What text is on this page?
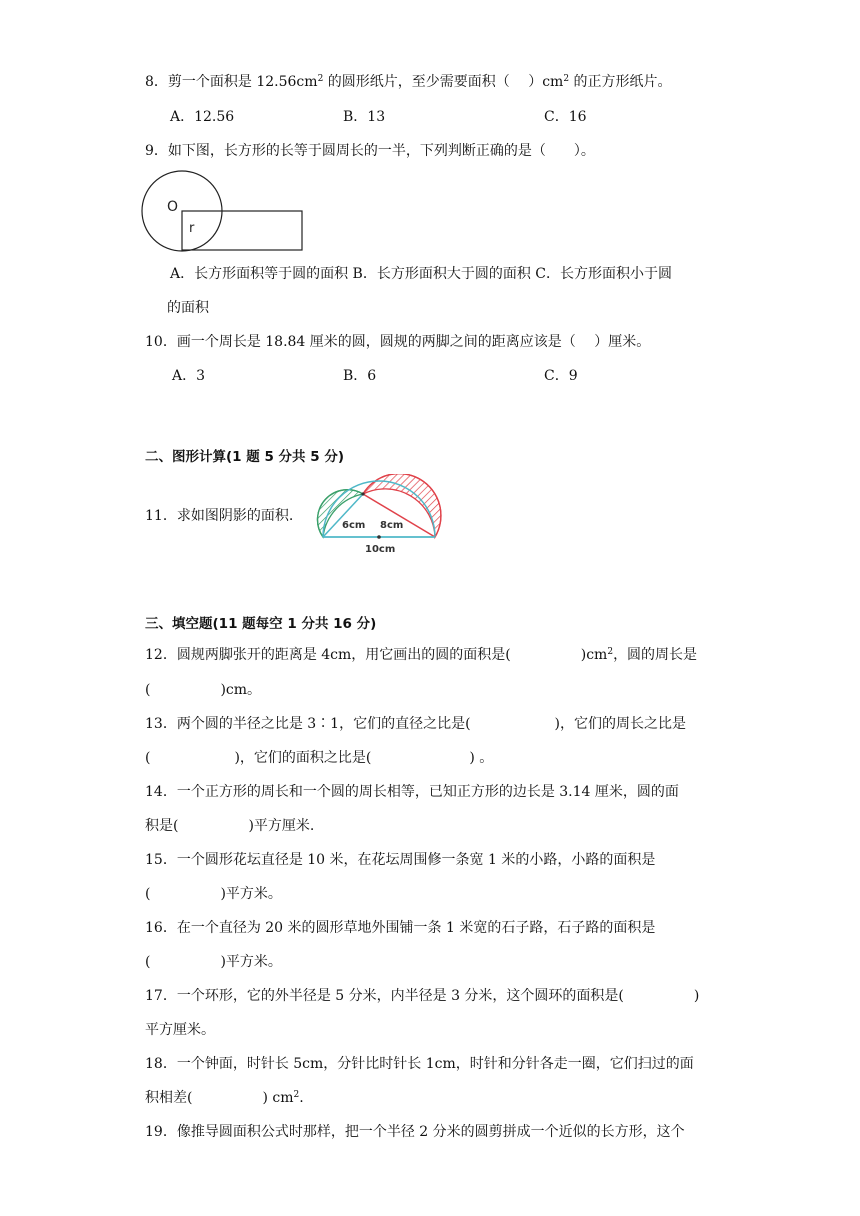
8．剪一个面积是 $12.56cm^2$ 的圆形纸片，至少需要面积（　 ）$cm^2$ 的正方形纸片。
A．12.56	B．13	C．16
9．如下图，长方形的长等于圆周长的一半，下列判断正确的是（　　）。
O
r
A．长方形面积等于圆的面积 B．长方形面积大于圆的面积 C．长方形面积小于圆
的面积
10．画一个周长是 18.84 厘米的圆，圆规的两脚之间的距离应该是（　 ）厘米。
A．3	B．6	C．9
二、图形计算(1 题 5 分共 5 分)
11．求如图阴影的面积.
6cm 8cm
10cm
三、填空题(11 题每空 1 分共 16 分)
12．圆规两脚张开的距离是 4cm，用它画出的圆的面积是(　　　　　)$cm^2$，圆的周长是
(　　　　　)cm。
13．两个圆的半径之比是 3∶1，它们的直径之比是(　　　　　　)，它们的周长之比是
(　　　　　　)，它们的面积之比是(　　　　　　　) 。
14．一个正方形的周长和一个圆的周长相等，已知正方形的边长是 3.14 厘米，圆的面
积是(　　　　　)平方厘米.
15．一个圆形花坛直径是 10 米，在花坛周围修一条宽 1 米的小路，小路的面积是
(　　　　　)平方米。
16．在一个直径为 20 米的圆形草地外围铺一条 1 米宽的石子路，石子路的面积是
(　　　　　)平方米。
17．一个环形，它的外半径是 5 分米，内半径是 3 分米，这个圆环的面积是(　　　　　)
平方厘米。
18．一个钟面，时针长 5cm，分针比时针长 1cm，时针和分针各走一圈，它们扫过的面
积相差(　　　　　) $cm^2$.
19．像推导圆面积公式时那样，把一个半径 2 分米的圆剪拼成一个近似的长方形，这个
